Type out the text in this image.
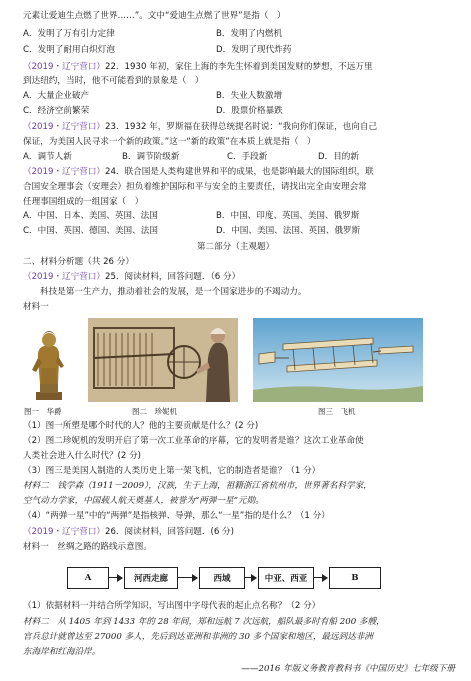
元素让爱迪生点燃了世界……”。文中“爱迪生点燃了世界”是指（　）
A．发明了万有引力定律	B．发明了内燃机
C．发明了耐用白炽灯泡	D．发明了现代炸药
（2019・辽宁营口）22．1930 年初，家住上海的李先生怀着到美国发财的梦想，不远万里
到达纽约，当时，他不可能看到的景象是（　）
A．大量企业破产	B．失业人数激增
C．经济空前繁荣	D．股票价格暴跌
（2019・辽宁营口）23．1932 年，罗斯福在获得总统提名时说：“我向你们保证，也向自己
保证，为美国人民寻求一个新的政策。”这一“新的政策”在本质上就是指（　）
A．调节人新	B．调节阶级新	C．手段新	D．目的新
（2019・辽宁营口）24．联合国是人类构建世界和平的成果，也是影响最大的国际组织，联
合国安全理事会（安理会）担负着维护国际和平与安全的主要责任，请找出完全由安理会常
任理事国组成的一组国家（　）
A．中国、日本、美国、英国、法国	B．中国、印度、英国、美国、俄罗斯
C．中国、英国、德国、美国、法国	D．中国、美国、法国、英国、俄罗斯
第二部分（主观题）
二、材料分析题（共 26 分）
（2019・辽宁营口）25．阅读材料，回答问题．（6 分）
科技是第一生产力，推动着社会的发展，是一个国家进步的不竭动力。
材料一
图一　华爵	图二　珍妮机	图三　飞机
（1）图一所塑是哪个时代的人？他的主要贡献是什么？(2 分)
（2）图二珍妮机的发明开启了第一次工业革命的序幕，它的发明者是谁？这次工业革命使
人类社会进入什么时代？(2 分)
（3）图三是美国人制造的人类历史上第一架飞机，它的制造者是谁？（1 分）
材料二　钱学森（1911－2009），汉族，生于上海，祖籍浙江省杭州市，世界著名科学家，
空气动力学家，中国载人航天奠基人，被誉为“两弹一星”元勋。
（4）“两弹一星”中的“两弹”是指核弹、导弹，那么“一星”指的是什么？（1 分）
（2019・辽宁营口）26．阅读材料，回答问题．(6 分)
材料一　丝绸之路的路线示意图。
A	河西走廊	西域	中亚、西亚	B
（1）依据材料一并结合所学知识，写出图中字母代表的起止点名称？（2 分）
材料二　从 1405 年到 1433 年的 28 年间，郑和远航 7 次远航，船队最多时有船 200 多艘，
官兵总计就曾达至 27000 多人，先后到达亚洲和非洲的 30 多个国家和地区，最远到达非洲
东海岸和红海沿岸。
——2016 年版义务教育教科书《中国历史》七年级下册
